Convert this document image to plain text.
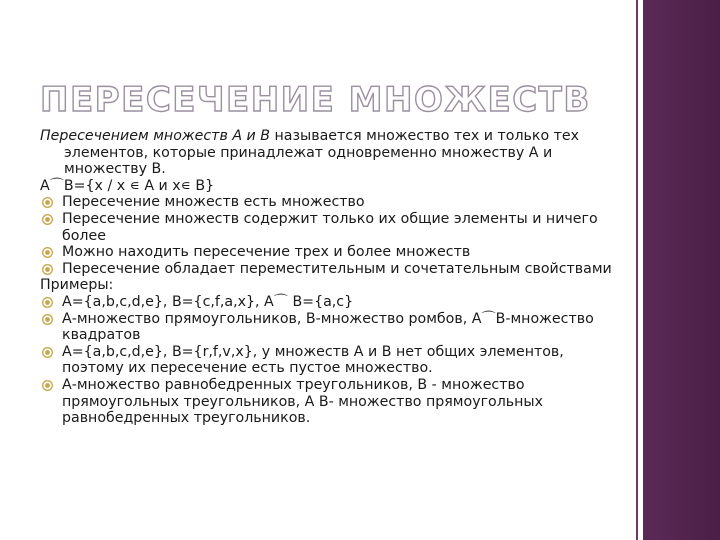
ПЕРЕСЕЧЕНИЕ МНОЖЕСТВ

Пересечением множеств А и В называется множество тех и только тех элементов, которые принадлежат одновременно множеству А и множеству В.

А⌒В={x / x ∊ A и x∊ B}

Пересечение множеств есть множество
Пересечение множеств содержит только их общие элементы и ничего более
Можно находить пересечение трех и более множеств
Пересечение обладает переместительным и сочетательным свойствами

Примеры:

A={a,b,c,d,e}, B={c,f,a,x}, A⌒ B={a,c}
А-множество прямоугольников, В-множество ромбов, А⌒В-множество квадратов
A={a,b,c,d,e}, B={r,f,v,x}, у множеств А и В нет общих элементов, поэтому их пересечение есть пустое множество.
А-множество равнобедренных треугольников, В - множество прямоугольных треугольников, А В- множество прямоугольных равнобедренных треугольников.
